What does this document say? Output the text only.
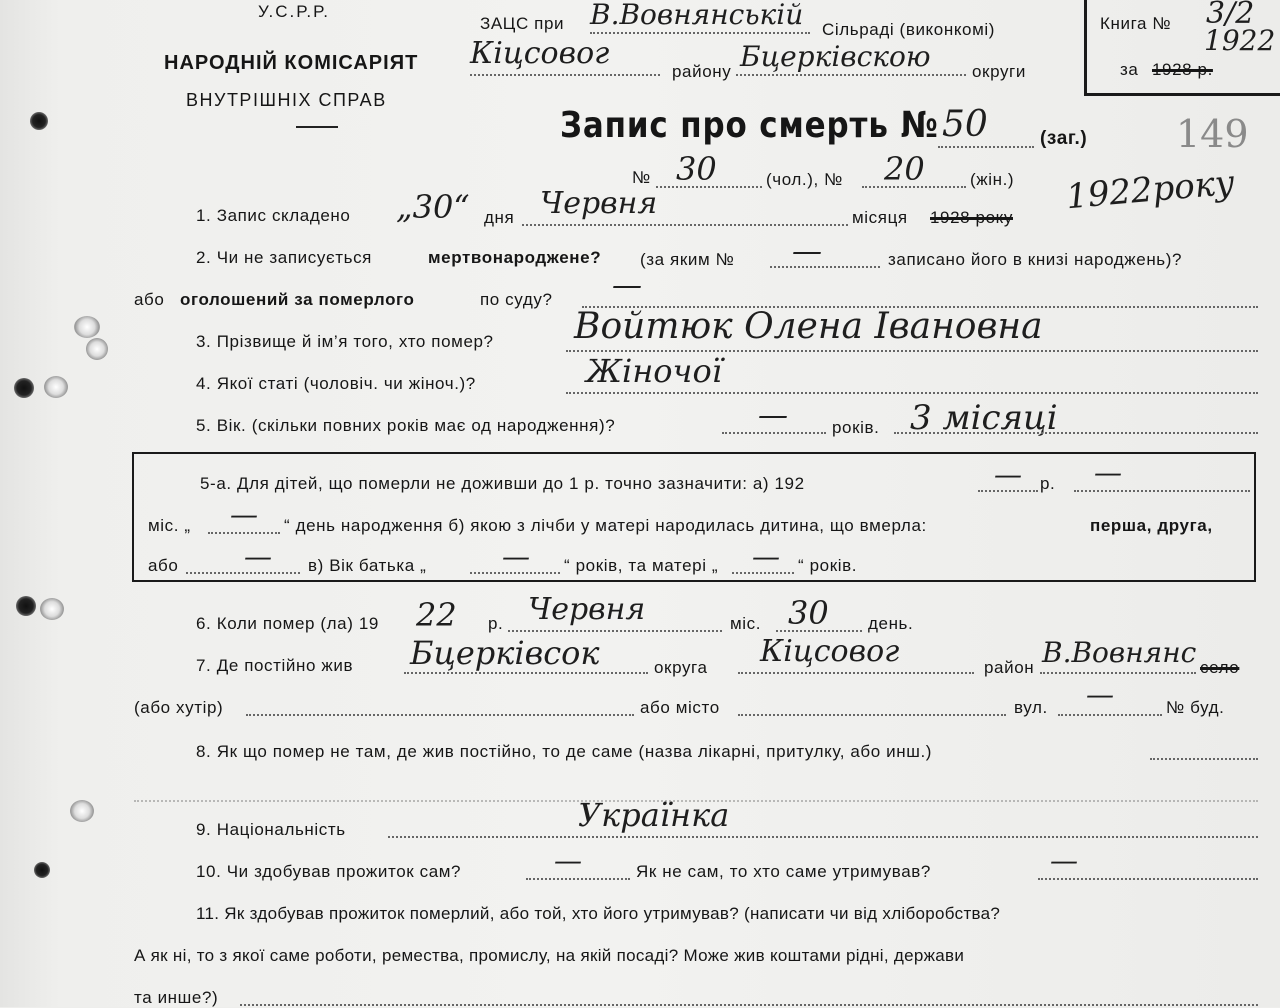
У.С.Р.Р.
НАРОДНІЙ КОМІСАРІЯТ
ВНУТРІШНІХ СПРАВ
ЗАЦС при В.Вовнянській Сільраді (виконкомі)
Кіцсовог
району Бцерківскою округи
Книга № 3/2
1922
за 1928 р.
Запис про смерть № 50	(заг.) 149
№ 30	(чол.), № 20	(жін.) 1922року
1. Запис складено „30“ дня Червня	місяця 1928 року
2. Чи не записується	мертвонароджене? (за яким № —	записано його в книзі народжень)?
або оголошений за померлого	по суду? —
3. Прізвище й ім’я того, хто помер? Войтюк Олена Івановна
4. Якої статі (чоловіч. чи жіноч.)?	Жіночої
5. Вік. (скільки повних років має од народження)?	—	років. 3 місяці
5-а. Для дітей, що померли не доживши до 1 р. точно зазначити: а) 192	— р. —
міс. „ — “ день народження б) якою з лічби у матері народилась дитина, що вмерла:	перша, друга,
або — в) Вік батька „	— “ років, та матері „ — “ років.
6. Коли помер (ла) 19 22 р. Червня	міс. 30 день.
7. Де постійно жив Бцерківсок	округа Кіцсовог	район В.Вовнянс село
(або хутір)	або місто	вул. —	№ буд.
8. Як що помер не там, де жив постійно, то де саме (назва лікарні, притулку, або инш.)
9. Національність	Українка
10. Чи здобував прожиток сам?	—	Як не сам, то хто саме утримував?	—
11. Як здобував прожиток померлий, або той, хто його утримував? (написати чи від хліборобства?
А як ні, то з якої саме роботи, ремества, промислу, на якій посаді? Може жив коштами рідні, держави
та инше?)
